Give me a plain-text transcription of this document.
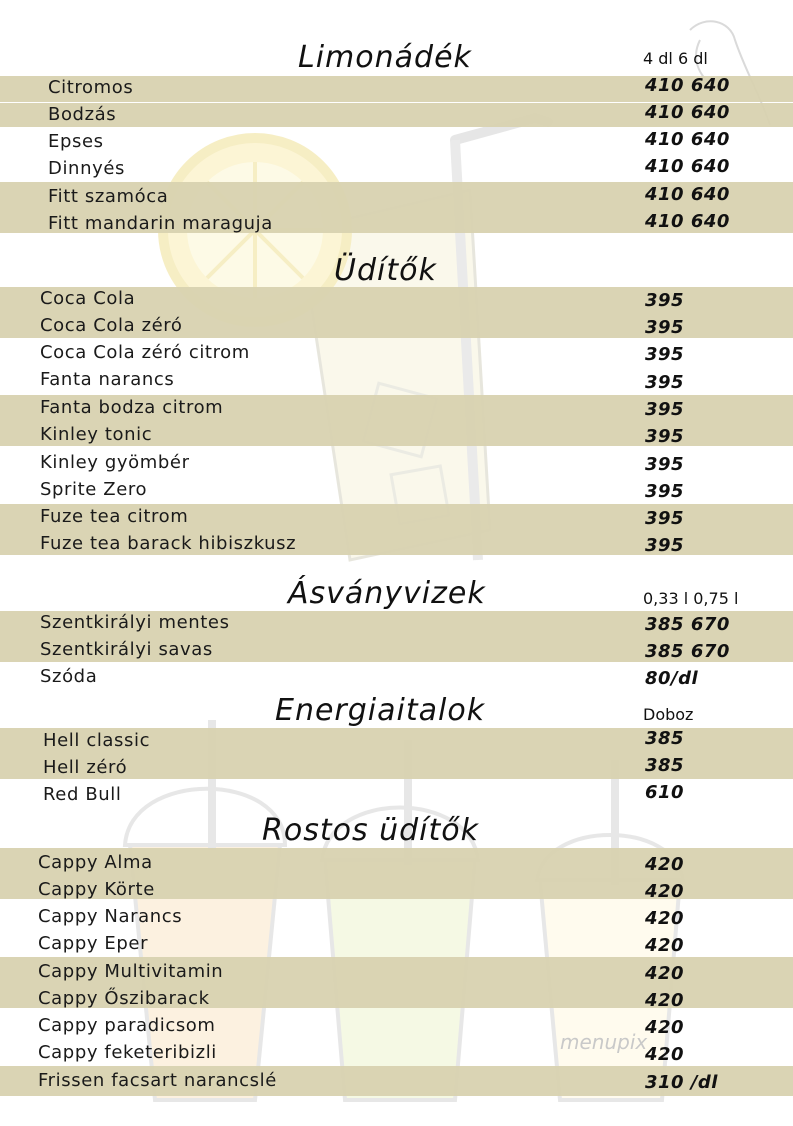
Limonádék	4 dl 6 dl
Citromos	410 640
Bodzás	410 640
Epses	410 640
Dinnyés	410 640
Fitt szamóca	410 640
Fitt mandarin maraguja	410 640
Üdítők
Coca Cola	395
Coca Cola zéró	395
Coca Cola zéró citrom	395
Fanta narancs	395
Fanta bodza citrom	395
Kinley tonic	395
Kinley gyömbér	395
Sprite Zero	395
Fuze tea citrom	395
Fuze tea barack hibiszkusz	395
Ásványvizek	0,33 l 0,75 l
Szentkirályi mentes	385 670
Szentkirályi savas	385 670
Szóda	80/dl
Energiaitalok	Doboz
Hell classic	385
Hell zéró	385
Red Bull	610
Rostos üdítők
Cappy Alma	420
Cappy Körte	420
Cappy Narancs	420
Cappy Eper	420
Cappy Multivitamin	420
Cappy Őszibarack	420
Cappy paradicsom	420
Cappy feketeribizli	420
Frissen facsart narancslé	310 /dl
menupix
